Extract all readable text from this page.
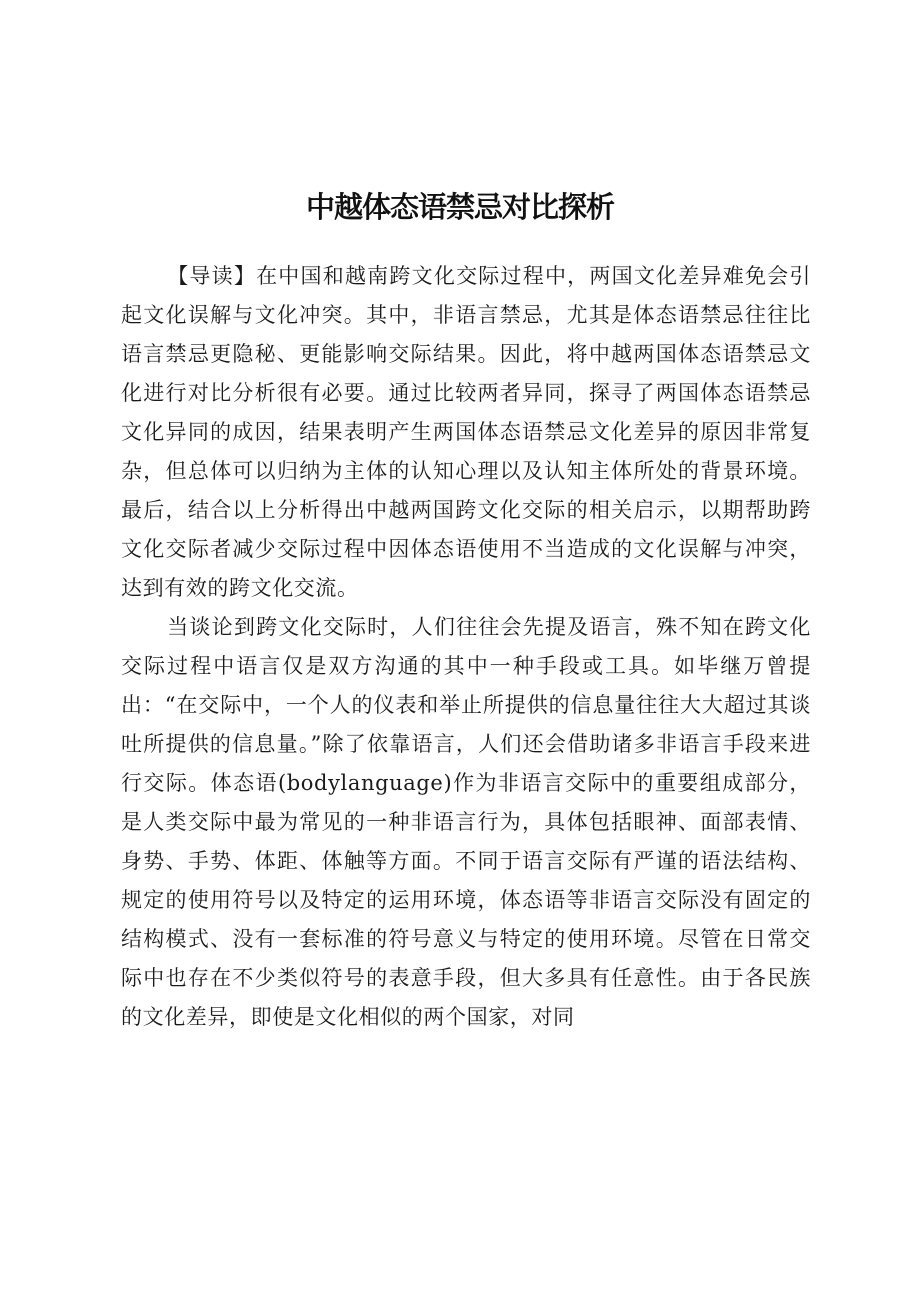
中越体态语禁忌对比探析

【导读】在中国和越南跨文化交际过程中，两国文化差异难免会引起文化误解与文化冲突。其中，非语言禁忌，尤其是体态语禁忌往往比语言禁忌更隐秘、更能影响交际结果。因此，将中越两国体态语禁忌文化进行对比分析很有必要。通过比较两者异同，探寻了两国体态语禁忌文化异同的成因，结果表明产生两国体态语禁忌文化差异的原因非常复杂，但总体可以归纳为主体的认知心理以及认知主体所处的背景环境。最后，结合以上分析得出中越两国跨文化交际的相关启示，以期帮助跨文化交际者减少交际过程中因体态语使用不当造成的文化误解与冲突，达到有效的跨文化交流。

当谈论到跨文化交际时，人们往往会先提及语言，殊不知在跨文化交际过程中语言仅是双方沟通的其中一种手段或工具。如毕继万曾提出：“在交际中，一个人的仪表和举止所提供的信息量往往大大超过其谈吐所提供的信息量。”除了依靠语言，人们还会借助诸多非语言手段来进行交际。体态语(bodylanguage)作为非语言交际中的重要组成部分，是人类交际中最为常见的一种非语言行为，具体包括眼神、面部表情、身势、手势、体距、体触等方面。不同于语言交际有严谨的语法结构、规定的使用符号以及特定的运用环境，体态语等非语言交际没有固定的结构模式、没有一套标准的符号意义与特定的使用环境。尽管在日常交际中也存在不少类似符号的表意手段，但大多具有任意性。由于各民族的文化差异，即使是文化相似的两个国家，对同
